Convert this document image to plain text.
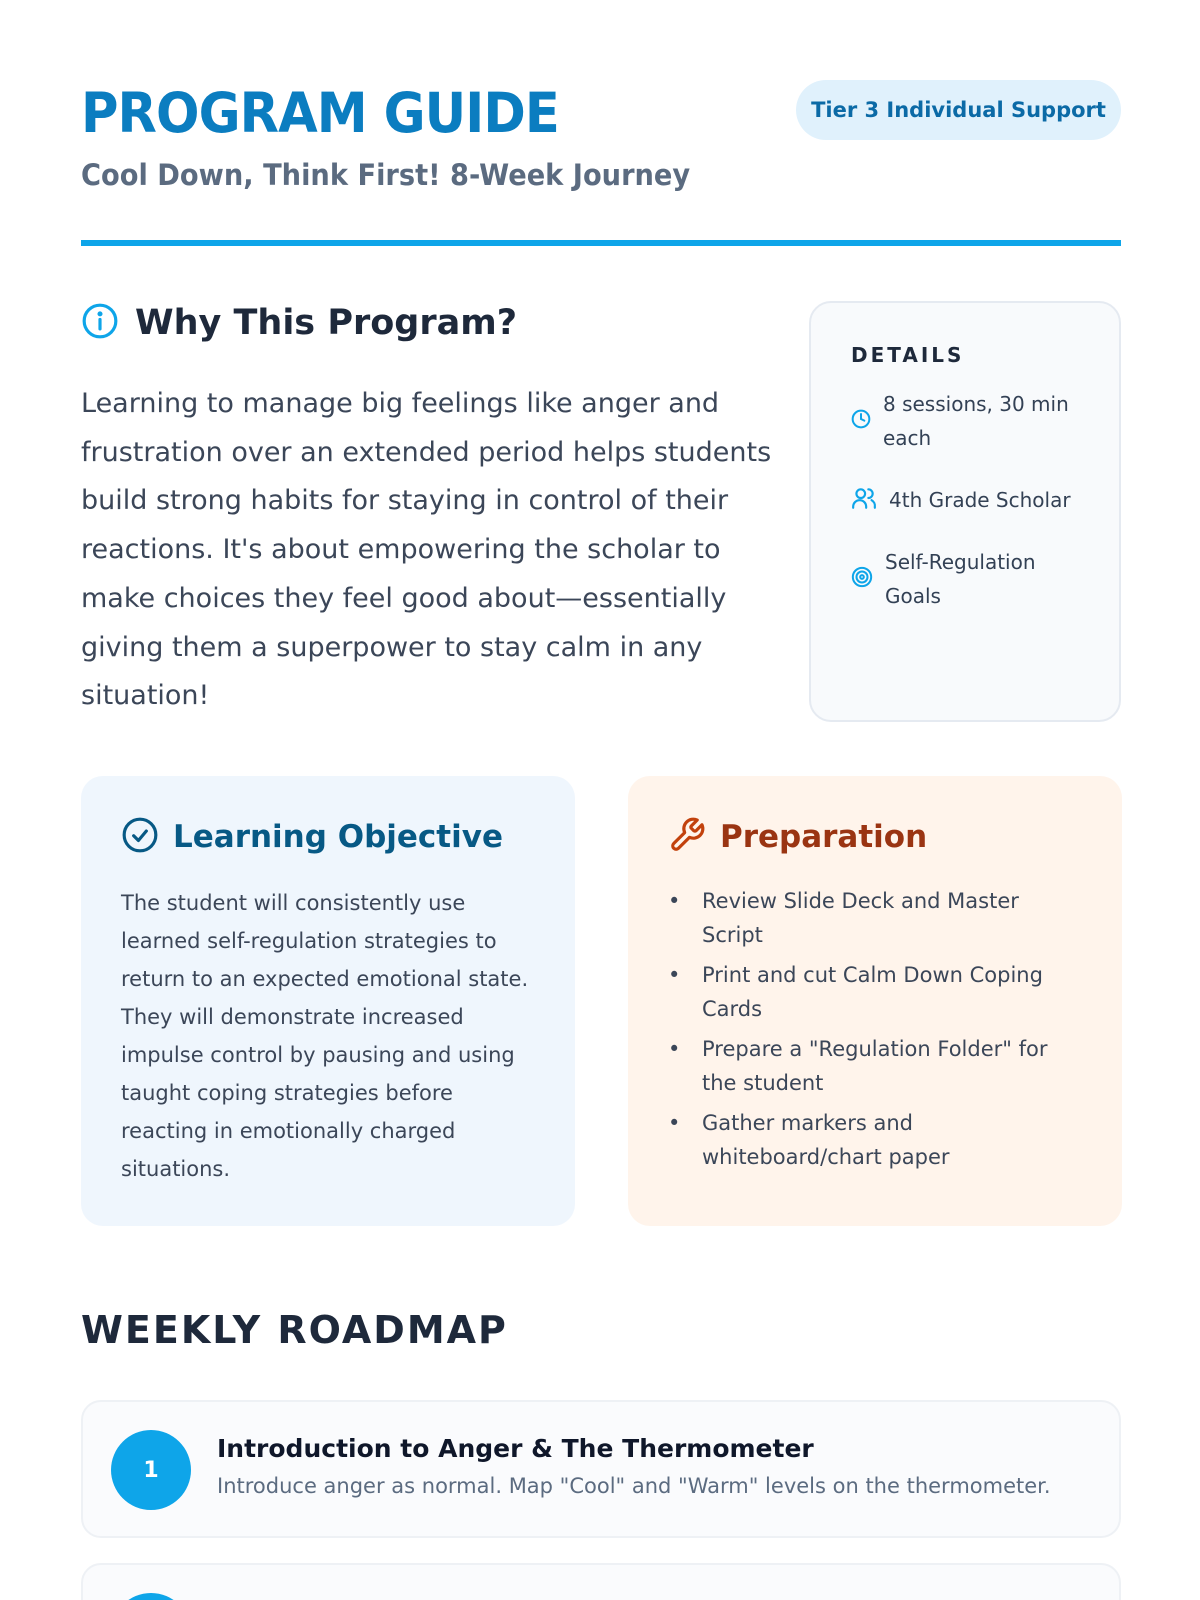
PROGRAM GUIDE
Cool Down, Think First! 8-Week Journey
Tier 3 Individual Support
Why This Program?

Learning to manage big feelings like anger and frustration over an extended period helps students build strong habits for staying in control of their reactions. It's about empowering the scholar to make choices they feel good about—essentially giving them a superpower to stay calm in any situation!

DETAILS
8 sessions, 30 min each
4th Grade Scholar
Self-Regulation Goals
Learning Objective

The student will consistently use learned self-regulation strategies to return to an expected emotional state. They will demonstrate increased impulse control by pausing and using taught coping strategies before reacting in emotionally charged situations.

Preparation
• Review Slide Deck and Master Script
• Print and cut Calm Down Coping Cards
• Prepare a "Regulation Folder" for the student
• Gather markers and whiteboard/chart paper
WEEKLY ROADMAP
1
Introduction to Anger & The Thermometer
Introduce anger as normal. Map "Cool" and "Warm" levels on the thermometer.
